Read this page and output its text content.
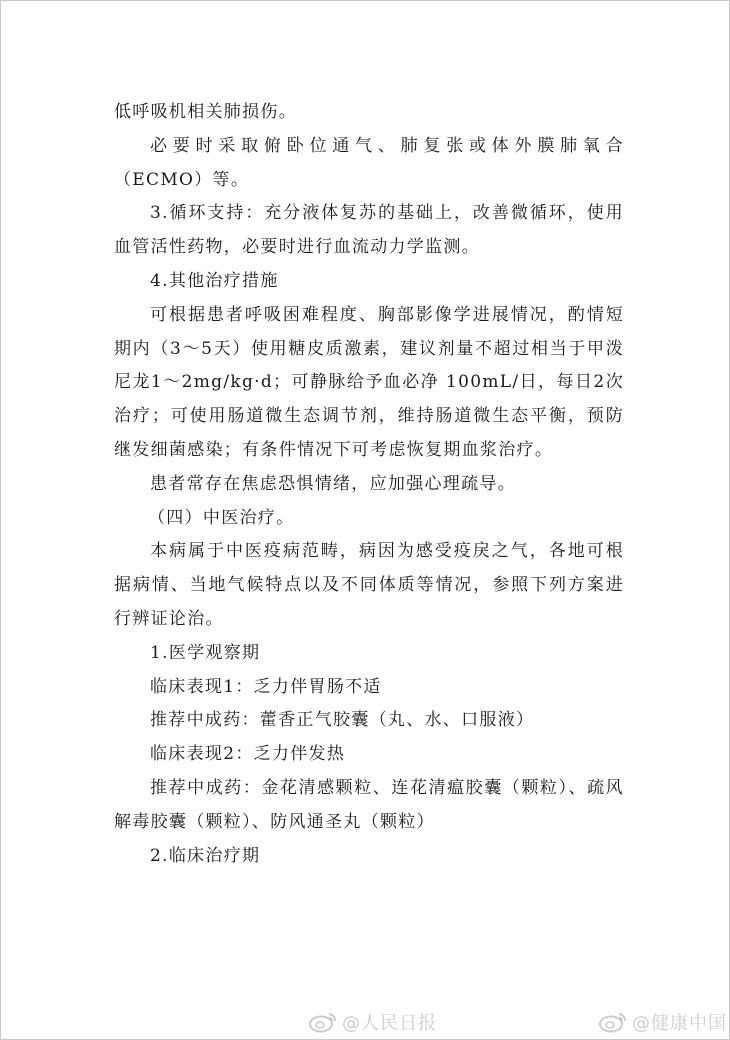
低呼吸机相关肺损伤。

必要时采取俯卧位通气、肺复张或体外膜肺氧合（ECMO）等。

3.循环支持：充分液体复苏的基础上，改善微循环，使用血管活性药物，必要时进行血流动力学监测。

4.其他治疗措施

可根据患者呼吸困难程度、胸部影像学进展情况，酌情短期内（3～5天）使用糖皮质激素，建议剂量不超过相当于甲泼尼龙1～2mg/kg·d；可静脉给予血必净 100mL/日，每日2次治疗；可使用肠道微生态调节剂，维持肠道微生态平衡，预防继发细菌感染；有条件情况下可考虑恢复期血浆治疗。

患者常存在焦虑恐惧情绪，应加强心理疏导。

（四）中医治疗。

本病属于中医疫病范畴，病因为感受疫戾之气，各地可根据病情、当地气候特点以及不同体质等情况，参照下列方案进行辨证论治。

1.医学观察期

临床表现1：乏力伴胃肠不适

推荐中成药：藿香正气胶囊（丸、水、口服液）

临床表现2：乏力伴发热

推荐中成药：金花清感颗粒、连花清瘟胶囊（颗粒）、疏风解毒胶囊（颗粒）、防风通圣丸（颗粒）

2.临床治疗期

@人民日报	@健康中国
